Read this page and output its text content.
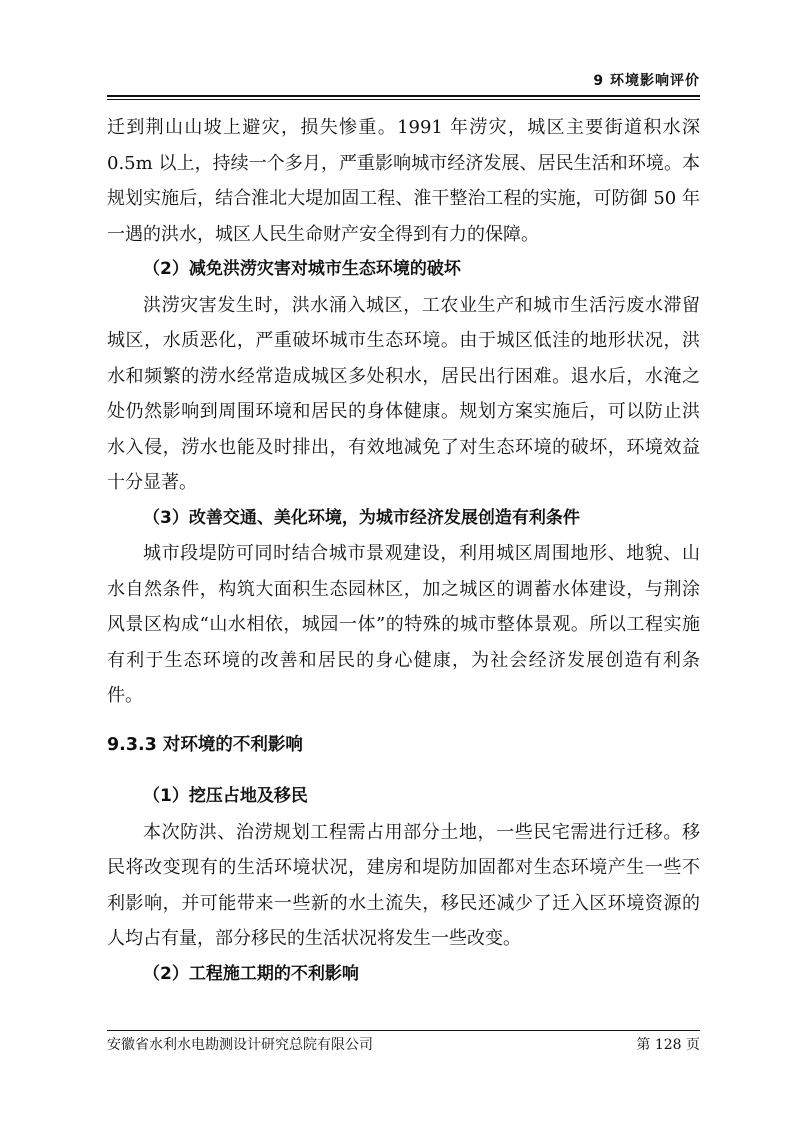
9 环境影响评价

迁到荆山山坡上避灾，损失惨重。1991 年涝灾，城区主要街道积水深 0.5m 以上，持续一个多月，严重影响城市经济发展、居民生活和环境。本规划实施后，结合淮北大堤加固工程、淮干整治工程的实施，可防御 50 年一遇的洪水，城区人民生命财产安全得到有力的保障。

（2）减免洪涝灾害对城市生态环境的破坏

洪涝灾害发生时，洪水涌入城区，工农业生产和城市生活污废水滞留城区，水质恶化，严重破坏城市生态环境。由于城区低洼的地形状况，洪水和频繁的涝水经常造成城区多处积水，居民出行困难。退水后，水淹之处仍然影响到周围环境和居民的身体健康。规划方案实施后，可以防止洪水入侵，涝水也能及时排出，有效地减免了对生态环境的破坏，环境效益十分显著。

（3）改善交通、美化环境，为城市经济发展创造有利条件

城市段堤防可同时结合城市景观建设，利用城区周围地形、地貌、山水自然条件，构筑大面积生态园林区，加之城区的调蓄水体建设，与荆涂风景区构成“山水相依，城园一体”的特殊的城市整体景观。所以工程实施有利于生态环境的改善和居民的身心健康，为社会经济发展创造有利条件。

9.3.3 对环境的不利影响

（1）挖压占地及移民

本次防洪、治涝规划工程需占用部分土地，一些民宅需进行迁移。移民将改变现有的生活环境状况，建房和堤防加固都对生态环境产生一些不利影响，并可能带来一些新的水土流失，移民还减少了迁入区环境资源的人均占有量，部分移民的生活状况将发生一些改变。

（2）工程施工期的不利影响

安徽省水利水电勘测设计研究总院有限公司	第 128 页
